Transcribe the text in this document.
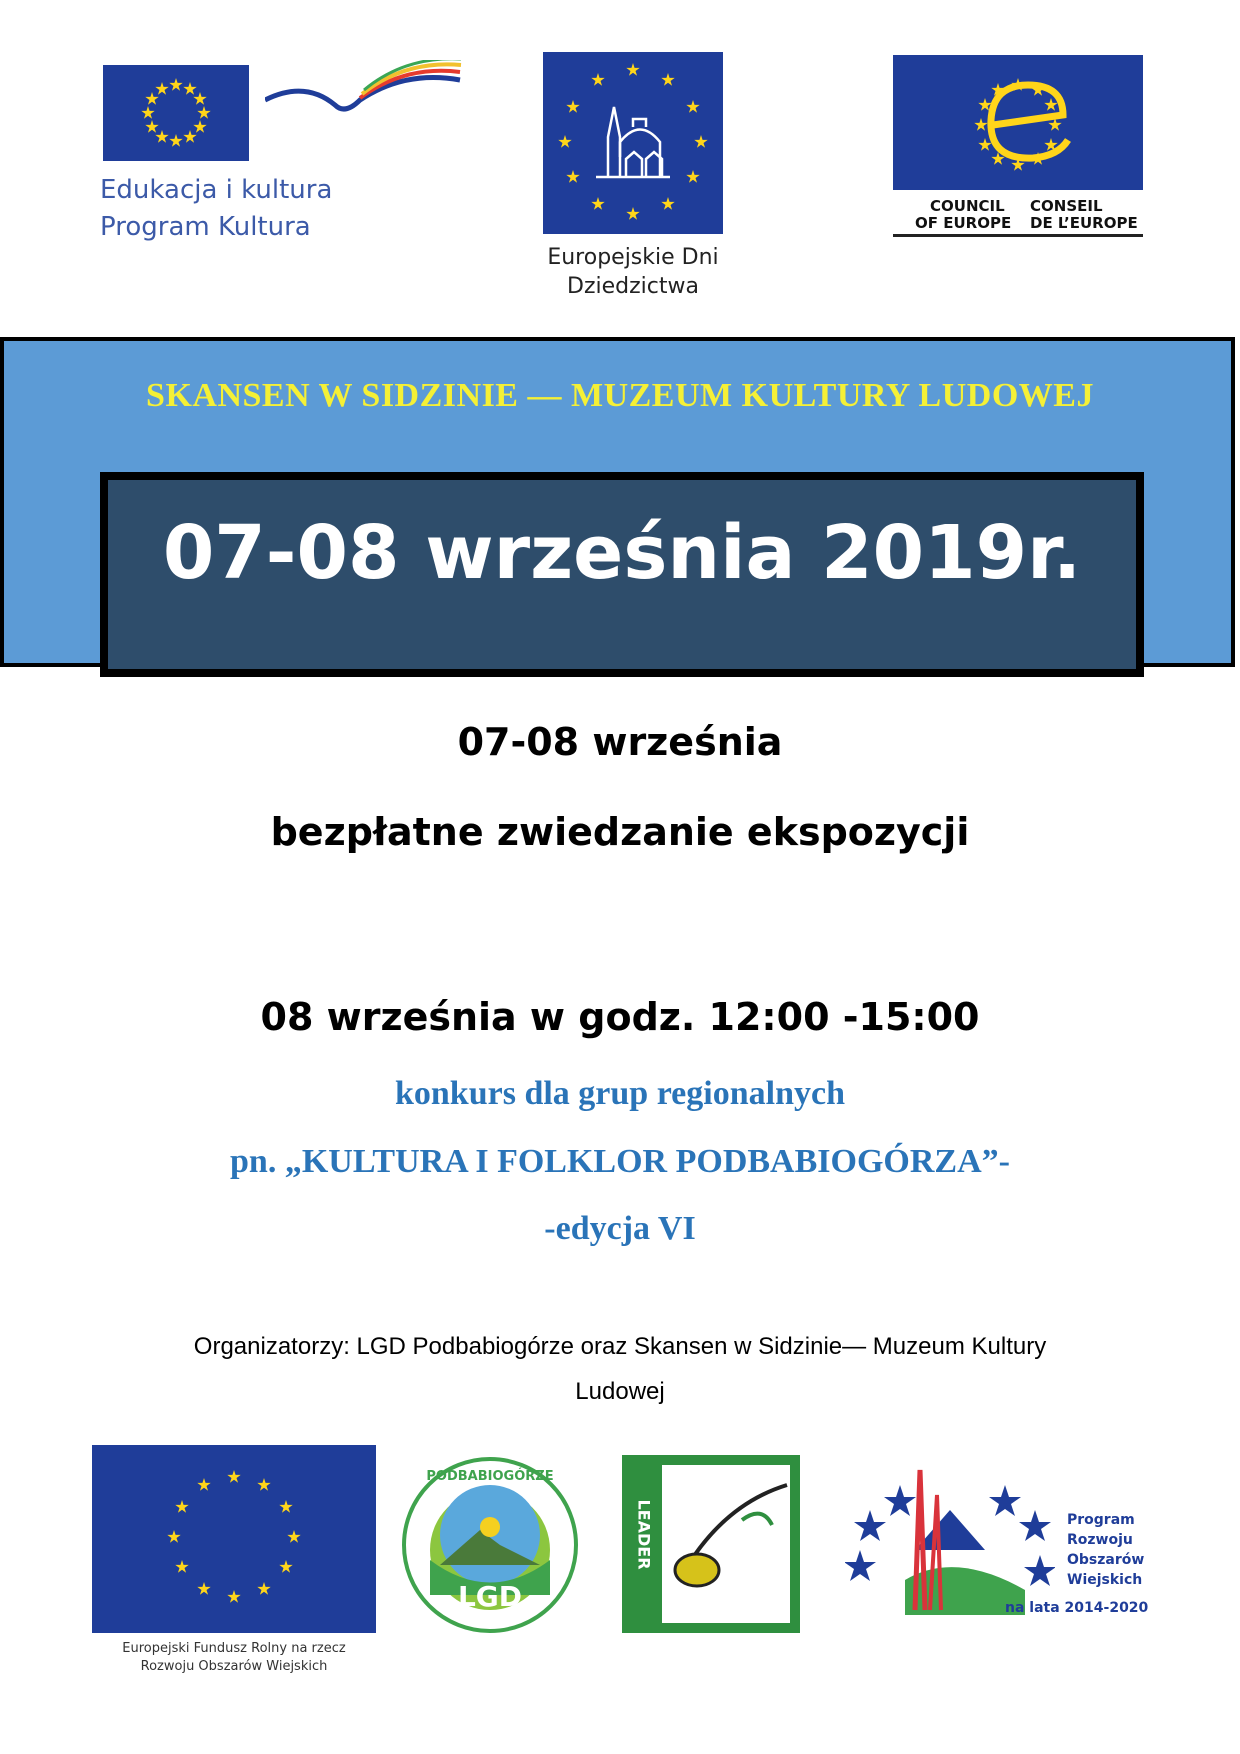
Edukacja i kultura
Program Kultura
Europejskie Dni
Dziedzictwa
COUNCIL
OF EUROPE
CONSEIL
DE L’EUROPE
SKANSEN W SIDZINIE — MUZEUM KULTURY LUDOWEJ
07-08 września 2019r.
07-08 września
bezpłatne zwiedzanie ekspozycji
08 września w godz. 12:00 -15:00
konkurs dla grup regionalnych
pn. „KULTURA I FOLKLOR PODBABIOGÓRZA”-
-edycja VI
Organizatorzy: LGD Podbabiogórze oraz Skansen w Sidzinie— Muzeum Kultury
Ludowej
Europejski Fundusz Rolny na rzecz
Rozwoju Obszarów Wiejskich
LGD
PODBABIOGÓRZE
LEADER	Program
Rozwoju
Obszarów
Wiejskich
na lata 2014-2020
